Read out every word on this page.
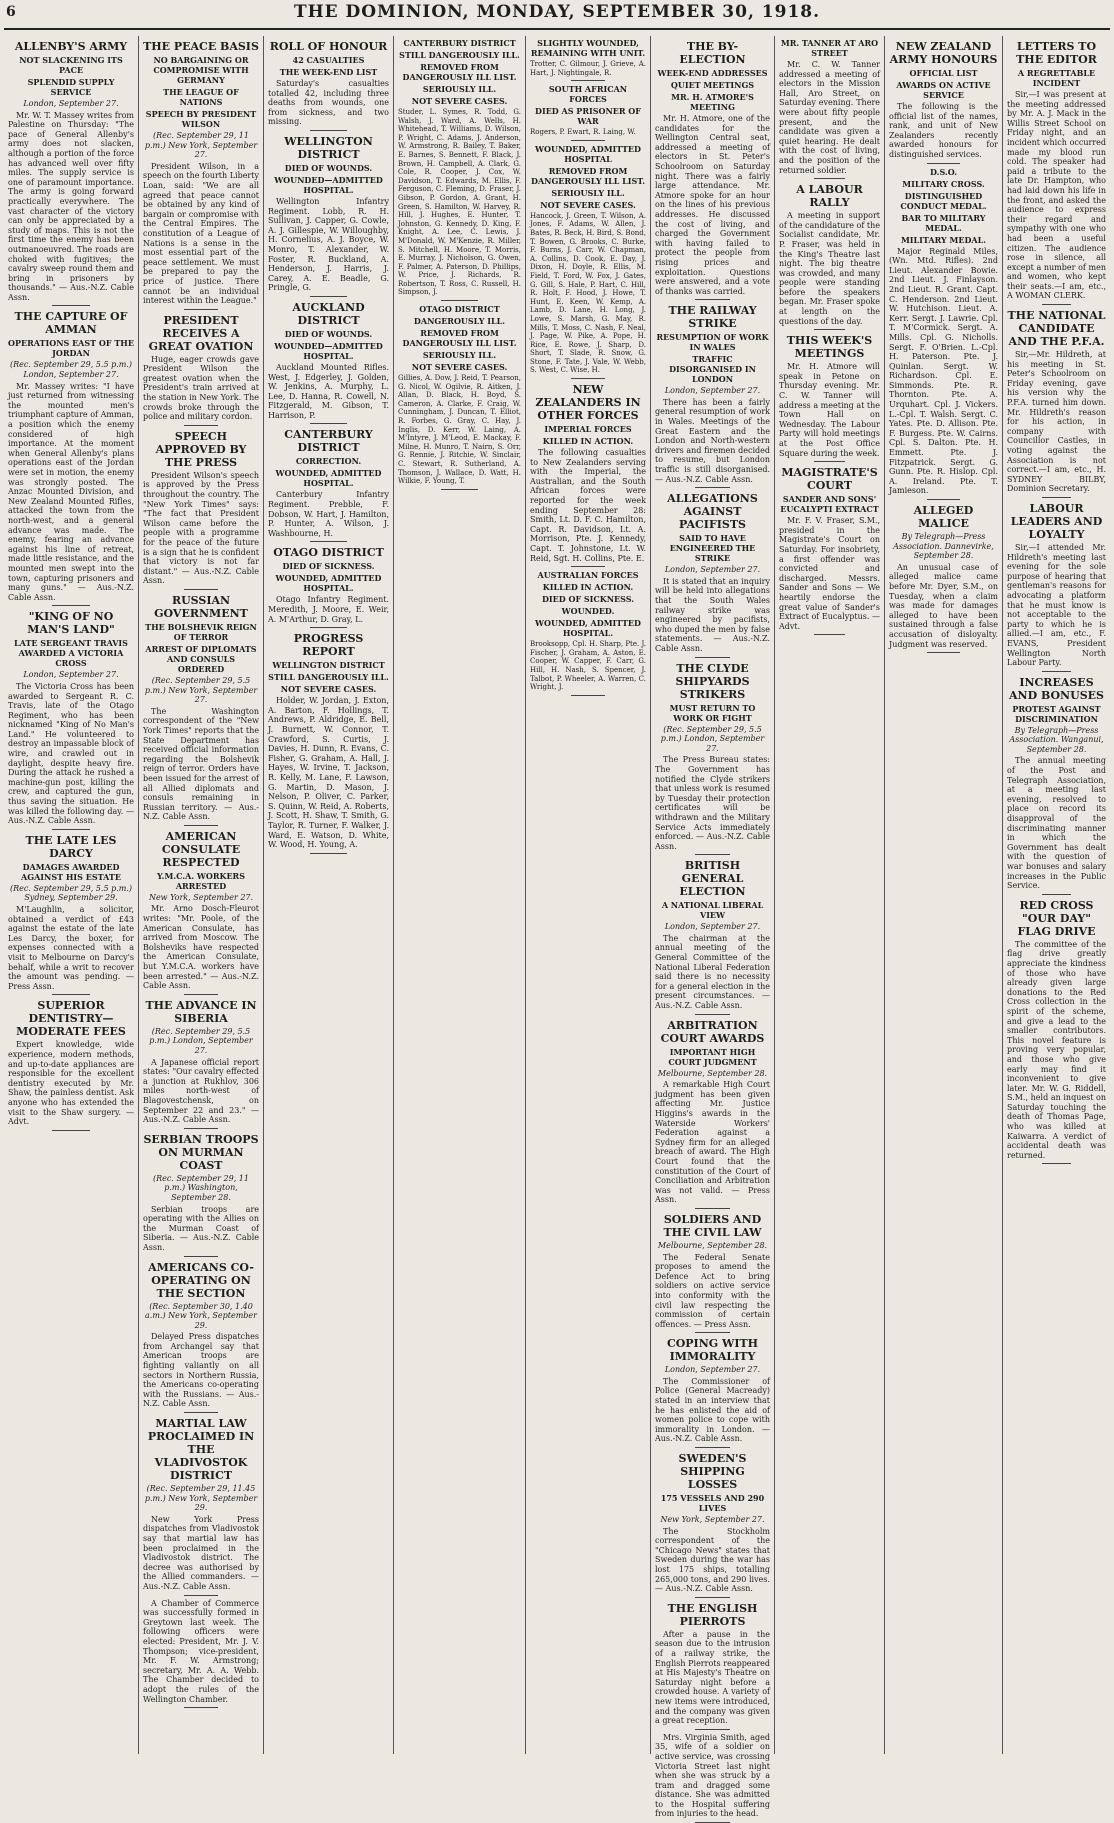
6	THE DOMINION, MONDAY, SEPTEMBER 30, 1918.
ALLENBY'S ARMY
NOT SLACKENING ITS PACE
SPLENDID SUPPLY SERVICE
London, September 27.

Mr. W. T. Massey writes from Palestine on Thursday: "The pace of General Allenby's army does not slacken, although a portion of the force has advanced well over fifty miles. The supply service is one of paramount importance. The army is going forward practically everywhere. The vast character of the victory can only be appreciated by a study of maps. This is not the first time the enemy has been outmanoeuvred. The roads are choked with fugitives; the cavalry sweep round them and bring in prisoners by thousands." — Aus.-N.Z. Cable Assn.

THE CAPTURE OF AMMAN
OPERATIONS EAST OF THE JORDAN
(Rec. September 29, 5.5 p.m.) London, September 27.

Mr. Massey writes: "I have just returned from witnessing the mounted men's triumphant capture of Amman, a position which the enemy considered of high importance. At the moment when General Allenby's plans operations east of the Jordan were set in motion, the enemy was strongly posted. The Anzac Mounted Division, and New Zealand Mounted Rifles, attacked the town from the north-west, and a general advance was made. The enemy, fearing an advance against his line of retreat, made little resistance, and the mounted men swept into the town, capturing prisoners and many guns." — Aus.-N.Z. Cable Assn.

"KING OF NO MAN'S LAND"
LATE SERGEANT TRAVIS AWARDED A VICTORIA CROSS
London, September 27.

The Victoria Cross has been awarded to Sergeant R. C. Travis, late of the Otago Regiment, who has been nicknamed "King of No Man's Land." He volunteered to destroy an impassable block of wire, and crawled out in daylight, despite heavy fire. During the attack he rushed a machine-gun post, killing the crew, and captured the gun, thus saving the situation. He was killed the following day. — Aus.-N.Z. Cable Assn.

THE LATE LES DARCY
DAMAGES AWARDED AGAINST HIS ESTATE
(Rec. September 29, 5.5 p.m.) Sydney, September 29.

M'Laughlin, a solicitor, obtained a verdict of £43 against the estate of the late Les Darcy, the boxer, for expenses connected with a visit to Melbourne on Darcy's behalf, while a writ to recover the amount was pending. — Press Assn.

SUPERIOR DENTISTRY—MODERATE FEES

Expert knowledge, wide experience, modern methods, and up-to-date appliances are responsible for the excellent dentistry executed by Mr. Shaw, the painless dentist. Ask anyone who has extended the visit to the Shaw surgery. — Advt.

THE PEACE BASIS
NO BARGAINING OR COMPROMISE WITH GERMANY
THE LEAGUE OF NATIONS
SPEECH BY PRESIDENT WILSON
(Rec. September 29, 11 p.m.) New York, September 27.

President Wilson, in a speech on the fourth Liberty Loan, said: "We are all agreed that peace cannot be obtained by any kind of bargain or compromise with the Central Empires. The constitution of a League of Nations is a sense in the most essential part of the peace settlement. We must be prepared to pay the price of justice. There cannot be an individual interest within the League."

PRESIDENT RECEIVES A GREAT OVATION

Huge, eager crowds gave President Wilson the greatest ovation when the President's train arrived at the station in New York. The crowds broke through the police and military cordon.

SPEECH APPROVED BY THE PRESS

President Wilson's speech is approved by the Press throughout the country. The "New York Times" says: "The fact that President Wilson came before the people with a programme for the peace of the future is a sign that he is confident that victory is not far distant." — Aus.-N.Z. Cable Assn.

RUSSIAN GOVERNMENT
THE BOLSHEVIK REIGN OF TERROR
ARREST OF DIPLOMATS AND CONSULS ORDERED
(Rec. September 29, 5.5 p.m.) New York, September 27.

The Washington correspondent of the "New York Times" reports that the State Department has received official information regarding the Bolshevik reign of terror. Orders have been issued for the arrest of all Allied diplomats and consuls remaining in Russian territory. — Aus.-N.Z. Cable Assn.

AMERICAN CONSULATE RESPECTED
Y.M.C.A. WORKERS ARRESTED
New York, September 27.

Mr. Arno Dosch-Fleurot writes: "Mr. Poole, of the American Consulate, has arrived from Moscow. The Bolsheviks have respected the American Consulate, but Y.M.C.A. workers have been arrested." — Aus.-N.Z. Cable Assn.

THE ADVANCE IN SIBERIA
(Rec. September 29, 5.5 p.m.) London, September 27.

A Japanese official report states: "Our cavalry effected a junction at Rukhlov, 306 miles north-west of Blagovestchensk, on September 22 and 23." — Aus.-N.Z. Cable Assn.

SERBIAN TROOPS ON MURMAN COAST
(Rec. September 29, 11 p.m.) Washington, September 28.

Serbian troops are operating with the Allies on the Murman Coast of Siberia. — Aus.-N.Z. Cable Assn.

AMERICANS CO-OPERATING ON THE SECTION
(Rec. September 30, 1.40 a.m.) New York, September 29.

Delayed Press dispatches from Archangel say that American troops are fighting valiantly on all sectors in Northern Russia, the Americans co-operating with the Russians. — Aus.-N.Z. Cable Assn.

MARTIAL LAW PROCLAIMED IN THE VLADIVOSTOK DISTRICT
(Rec. September 29, 11.45 p.m.) New York, September 29.

New York Press dispatches from Vladivostok say that martial law has been proclaimed in the Vladivostok district. The decree was authorised by the Allied commanders. — Aus.-N.Z. Cable Assn.

A Chamber of Commerce was successfully formed in Greytown last week. The following officers were elected: President, Mr. J. V. Thompson; vice-president, Mr. F. W. Armstrong; secretary, Mr. A. A. Webb. The Chamber decided to adopt the rules of the Wellington Chamber.

ROLL OF HONOUR
42 CASUALTIES
THE WEEK-END LIST

Saturday's casualties totalled 42, including three deaths from wounds, one from sickness, and two missing.

WELLINGTON DISTRICT
DIED OF WOUNDS.
WOUNDED—ADMITTED HOSPITAL.

Wellington Infantry Regiment. Lobb, R. H. Sullivan, J. Capper, G. Cowle, A. J. Gillespie, W. Willoughby, H. Cornelius, A. J. Boyce, W. Monro, T. Alexander, W. Foster, R. Buckland, A. Henderson, J. Harris, J. Carey, A. E. Beadle, G. Pringle, G.

AUCKLAND DISTRICT
DIED OF WOUNDS.
WOUNDED—ADMITTED HOSPITAL.

Auckland Mounted Rifles. West, J. Edgerley, J. Golden, W. Jenkins, A. Murphy, L. Lee, D. Hanna, R. Cowell, N. Fitzgerald, M. Gibson, T. Harrison, P.

CANTERBURY DISTRICT
CORRECTION.
WOUNDED, ADMITTED HOSPITAL.

Canterbury Infantry Regiment. Prebble, F. Dobson, W. Hart, J. Hamilton, P. Hunter, A. Wilson, J. Washbourne, H.

OTAGO DISTRICT
DIED OF SICKNESS.
WOUNDED, ADMITTED HOSPITAL.

Otago Infantry Regiment. Meredith, J. Moore, E. Weir, A. M'Arthur, D. Gray, L.

PROGRESS REPORT
WELLINGTON DISTRICT
STILL DANGEROUSLY ILL.
NOT SEVERE CASES.

Holder, W. Jordan, J. Exton, A. Barton, F. Hollings, T. Andrews, P. Aldridge, E. Bell, J. Burnett, W. Connor, T. Crawford, S. Curtis, J. Davies, H. Dunn, R. Evans, C. Fisher, G. Graham, A. Hall, J. Hayes, W. Irvine, T. Jackson, R. Kelly, M. Lane, F. Lawson, G. Martin, D. Mason, J. Nelson, P. Oliver, C. Parker, S. Quinn, W. Reid, A. Roberts, J. Scott, H. Shaw, T. Smith, G. Taylor, R. Turner, F. Walker, J. Ward, E. Watson, D. White, W. Wood, H. Young, A.

CANTERBURY DISTRICT
STILL DANGEROUSLY ILL.
REMOVED FROM DANGEROUSLY ILL LIST.
SERIOUSLY ILL.
NOT SEVERE CASES.

Studer, L. Symes, R. Todd, G. Walsh, J. Ward, A. Wells, H. Whitehead, T. Williams, D. Wilson, P. Wright, C. Adams, J. Anderson, W. Armstrong, R. Bailey, T. Baker, E. Barnes, S. Bennett, F. Black, J. Brown, H. Campbell, A. Clark, G. Cole, R. Cooper, J. Cox, W. Davidson, T. Edwards, M. Ellis, F. Ferguson, C. Fleming, D. Fraser, J. Gibson, P. Gordon, A. Grant, H. Green, S. Hamilton, W. Harvey, R. Hill, J. Hughes, E. Hunter, T. Johnston, G. Kennedy, D. King, F. Knight, A. Lee, C. Lewis, J. M'Donald, W. M'Kenzie, R. Miller, S. Mitchell, H. Moore, T. Morris, E. Murray, J. Nicholson, G. Owen, F. Palmer, A. Paterson, D. Phillips, W. Price, J. Richards, R. Robertson, T. Ross, C. Russell, H. Simpson, J.

OTAGO DISTRICT
DANGEROUSLY ILL.
REMOVED FROM DANGEROUSLY ILL LIST.
SERIOUSLY ILL.
NOT SEVERE CASES.

Gillies, A. Dow, J. Reid, T. Pearson, G. Nicol, W. Ogilvie, R. Aitken, J. Allan, D. Black, H. Boyd, S. Cameron, A. Clarke, F. Craig, W. Cunningham, J. Duncan, T. Elliot, R. Forbes, G. Gray, C. Hay, J. Inglis, D. Kerr, W. Laing, A. M'Intyre, J. M'Leod, E. Mackay, F. Milne, H. Munro, T. Nairn, S. Orr, G. Rennie, J. Ritchie, W. Sinclair, C. Stewart, R. Sutherland, A. Thomson, J. Wallace, D. Watt, H. Wilkie, F. Young, T.

SLIGHTLY WOUNDED, REMAINING WITH UNIT.

Trotter, C. Gilmour, J. Grieve, A. Hart, J. Nightingale, R.

SOUTH AFRICAN FORCES
DIED AS PRISONER OF WAR

Rogers, P. Ewart, R. Laing, W.

WOUNDED, ADMITTED HOSPITAL
REMOVED FROM DANGEROUSLY ILL LIST.
SERIOUSLY ILL.
NOT SEVERE CASES.

Hancock, J. Green, T. Wilson, A. Jones, F. Adams, W. Allen, J. Bates, R. Beck, H. Bird, S. Bond, T. Bowen, G. Brooks, C. Burke, F. Burns, J. Carr, W. Chapman, A. Collins, D. Cook, E. Day, J. Dixon, H. Doyle, R. Ellis, M. Field, T. Ford, W. Fox, J. Gates, G. Gill, S. Hale, P. Hart, C. Hill, R. Holt, F. Hood, J. Howe, T. Hunt, E. Keen, W. Kemp, A. Lamb, D. Lane, H. Long, J. Lowe, S. Marsh, G. May, R. Mills, T. Moss, C. Nash, F. Neal, J. Page, W. Pike, A. Pope, H. Rice, E. Rowe, J. Sharp, D. Short, T. Slade, R. Snow, G. Stone, F. Tate, J. Vale, W. Webb, S. West, C. Wise, H.

NEW ZEALANDERS IN OTHER FORCES
IMPERIAL FORCES
KILLED IN ACTION.

The following casualties to New Zealanders serving with the Imperial, the Australian, and the South African forces were reported for the week ending September 28: Smith, Lt. D. F. C. Hamilton, Capt. R. Davidson, Lt. A. Morrison, Pte. J. Kennedy, Capt. T. Johnstone, Lt. W. Reid, Sgt. H. Collins, Pte. E.

AUSTRALIAN FORCES
KILLED IN ACTION.
DIED OF SICKNESS.
WOUNDED.
WOUNDED, ADMITTED HOSPITAL.

Brooksopp, Cpl. H. Sharp, Pte. J. Fischer, J. Graham, A. Aston, E. Cooper, W. Capper, F. Carr, G. Hill, H. Nash, S. Spencer, J. Talbot, P. Wheeler, A. Warren, C. Wright, J.

THE BY-ELECTION
WEEK-END ADDRESSES
QUIET MEETINGS
MR. H. ATMORE'S MEETING

Mr. H. Atmore, one of the candidates for the Wellington Central seat, addressed a meeting of electors in St. Peter's Schoolroom on Saturday night. There was a fairly large attendance. Mr. Atmore spoke for an hour on the lines of his previous addresses. He discussed the cost of living, and charged the Government with having failed to protect the people from rising prices and exploitation. Questions were answered, and a vote of thanks was carried.

THE RAILWAY STRIKE
RESUMPTION OF WORK IN WALES
TRAFFIC DISORGANISED IN LONDON
London, September 27.

There has been a fairly general resumption of work in Wales. Meetings of the Great Eastern and the London and North-western drivers and firemen decided to resume, but London traffic is still disorganised. — Aus.-N.Z. Cable Assn.

ALLEGATIONS AGAINST PACIFISTS
SAID TO HAVE ENGINEERED THE STRIKE
London, September 27.

It is stated that an inquiry will be held into allegations that the South Wales railway strike was engineered by pacifists, who duped the men by false statements. — Aus.-N.Z. Cable Assn.

THE CLYDE SHIPYARDS STRIKERS
MUST RETURN TO WORK OR FIGHT
(Rec. September 29, 5.5 p.m.) London, September 27.

The Press Bureau states: The Government has notified the Clyde strikers that unless work is resumed by Tuesday their protection certificates will be withdrawn and the Military Service Acts immediately enforced. — Aus.-N.Z. Cable Assn.

BRITISH GENERAL ELECTION
A NATIONAL LIBERAL VIEW
London, September 27.

The chairman at the annual meeting of the General Committee of the National Liberal Federation said there is no necessity for a general election in the present circumstances. — Aus.-N.Z. Cable Assn.

ARBITRATION COURT AWARDS
IMPORTANT HIGH COURT JUDGMENT
Melbourne, September 28.

A remarkable High Court judgment has been given affecting Mr. Justice Higgins's awards in the Waterside Workers' Federation against a Sydney firm for an alleged breach of award. The High Court found that the constitution of the Court of Conciliation and Arbitration was not valid. — Press Assn.

SOLDIERS AND THE CIVIL LAW
Melbourne, September 28.

The Federal Senate proposes to amend the Defence Act to bring soldiers on active service into conformity with the civil law respecting the commission of certain offences. — Press Assn.

COPING WITH IMMORALITY
London, September 27.

The Commissioner of Police (General Macready) stated in an interview that he has enlisted the aid of women police to cope with immorality in London. — Aus.-N.Z. Cable Assn.

SWEDEN'S SHIPPING LOSSES
175 VESSELS AND 290 LIVES
New York, September 27.

The Stockholm correspondent of the "Chicago News" states that Sweden during the war has lost 175 ships, totalling 265,000 tons, and 290 lives. — Aus.-N.Z. Cable Assn.

THE ENGLISH PIERROTS

After a pause in the season due to the intrusion of a railway strike, the English Pierrots reappeared at His Majesty's Theatre on Saturday night before a crowded house. A variety of new items were introduced, and the company was given a great reception.

Mrs. Virginia Smith, aged 35, wife of a soldier on active service, was crossing Victoria Street last night when she was struck by a tram and dragged some distance. She was admitted to the Hospital suffering from injuries to the head.

MR. TANNER AT ARO STREET

Mr. C. W. Tanner addressed a meeting of electors in the Mission Hall, Aro Street, on Saturday evening. There were about fifty people present, and the candidate was given a quiet hearing. He dealt with the cost of living, and the position of the returned soldier.

A LABOUR RALLY

A meeting in support of the candidature of the Socialist candidate, Mr. P. Fraser, was held in the King's Theatre last night. The big theatre was crowded, and many people were standing before the speakers began. Mr. Fraser spoke at length on the questions of the day.

THIS WEEK'S MEETINGS

Mr. H. Atmore will speak in Petone on Thursday evening. Mr. C. W. Tanner will address a meeting at the Town Hall on Wednesday. The Labour Party will hold meetings at the Post Office Square during the week.

MAGISTRATE'S COURT
SANDER AND SONS' EUCALYPTI EXTRACT

Mr. F. V. Fraser, S.M., presided in the Magistrate's Court on Saturday. For insobriety, a first offender was convicted and discharged. Messrs. Sander and Sons — We heartily endorse the great value of Sander's Extract of Eucalyptus. — Advt.

NEW ZEALAND ARMY HONOURS
OFFICIAL LIST
AWARDS ON ACTIVE SERVICE

The following is the official list of the names, rank, and unit of New Zealanders recently awarded honours for distinguished services.

D.S.O.
MILITARY CROSS.
DISTINGUISHED CONDUCT MEDAL.
BAR TO MILITARY MEDAL.
MILITARY MEDAL.

Major Reginald Miles, (Wn. Mtd. Rifles). 2nd Lieut. Alexander Bowie. 2nd Lieut. J. Finlayson. 2nd Lieut. R. Grant. Capt. C. Henderson. 2nd Lieut. W. Hutchison. Lieut. A. Kerr. Sergt. J. Lawrie. Cpl. T. M'Cormick. Sergt. A. Mills. Cpl. G. Nicholls. Sergt. F. O'Brien. L.-Cpl. H. Paterson. Pte. J. Quinlan. Sergt. W. Richardson. Cpl. E. Simmonds. Pte. R. Thornton. Pte. A. Urquhart. Cpl. J. Vickers. L.-Cpl. T. Walsh. Sergt. C. Yates. Pte. D. Allison. Pte. F. Burgess. Pte. W. Cairns. Cpl. S. Dalton. Pte. H. Emmett. Pte. J. Fitzpatrick. Sergt. G. Gunn. Pte. R. Hislop. Cpl. A. Ireland. Pte. T. Jamieson.

ALLEGED MALICE
By Telegraph—Press Association. Dannevirke, September 28.

An unusual case of alleged malice came before Mr. Dyer, S.M., on Tuesday, when a claim was made for damages alleged to have been sustained through a false accusation of disloyalty. Judgment was reserved.

LETTERS TO THE EDITOR
A REGRETTABLE INCIDENT

Sir,—I was present at the meeting addressed by Mr. A. J. Mack in the Willis Street School on Friday night, and an incident which occurred made my blood run cold. The speaker had paid a tribute to the late Dr. Hampton, who had laid down his life in the front, and asked the audience to express their regard and sympathy with one who had been a useful citizen. The audience rose in silence, all except a number of men and women, who kept their seats.—I am, etc., A WOMAN CLERK.

THE NATIONAL CANDIDATE AND THE P.F.A.

Sir,—Mr. Hildreth, at his meeting in St. Peter's Schoolroom on Friday evening, gave his version why the P.F.A. turned him down. Mr. Hildreth's reason for his action, in company with Councillor Castles, in voting against the Association is not correct.—I am, etc., H. SYDNEY BILBY, Dominion Secretary.

LABOUR LEADERS AND LOYALTY

Sir,—I attended Mr. Hildreth's meeting last evening for the sole purpose of hearing that gentleman's reasons for advocating a platform that he must know is not acceptable to the party to which he is allied.—I am, etc., F. EVANS, President Wellington North Labour Party.

INCREASES AND BONUSES
PROTEST AGAINST DISCRIMINATION
By Telegraph—Press Association. Wanganui, September 28.

The annual meeting of the Post and Telegraph Association, at a meeting last evening, resolved to place on record its disapproval of the discriminating manner in which the Government has dealt with the question of war bonuses and salary increases in the Public Service.

RED CROSS "OUR DAY" FLAG DRIVE

The committee of the flag drive greatly appreciate the kindness of those who have already given large donations to the Red Cross collection in the spirit of the scheme, and give a lead to the smaller contributors. This novel feature is proving very popular, and those who give early may find it inconvenient to give later. Mr. W. G. Riddell, S.M., held an inquest on Saturday touching the death of Thomas Page, who was killed at Kaiwarra. A verdict of accidental death was returned.
